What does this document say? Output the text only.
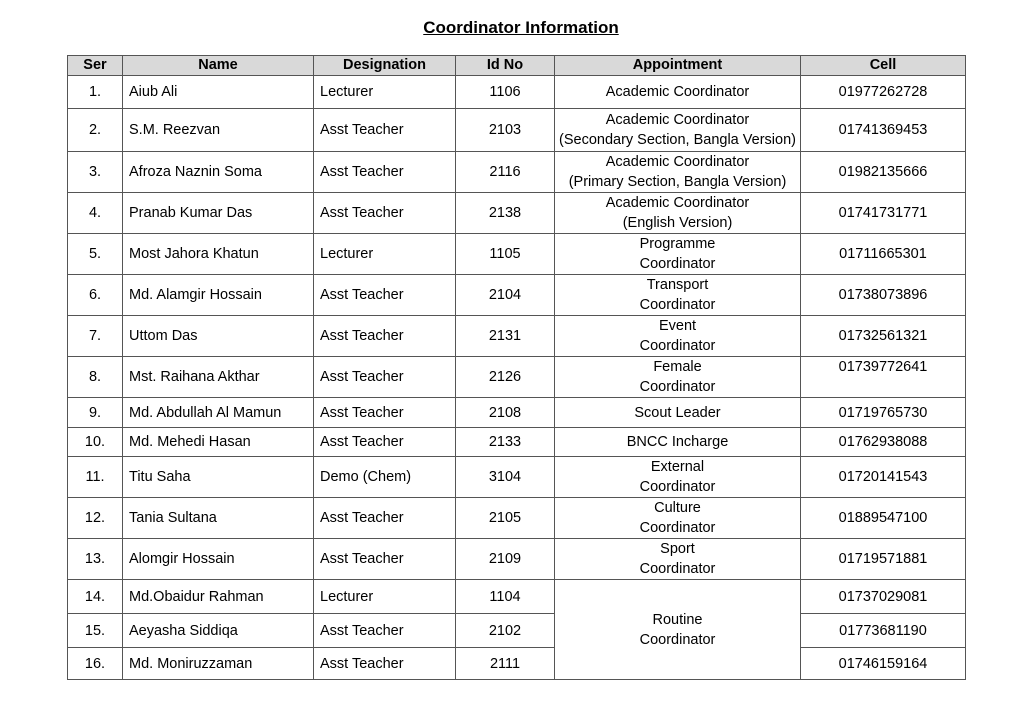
Coordinator Information
Ser	Name	Designation	Id No	Appointment	Cell
1.	Aiub Ali	Lecturer	1106	Academic Coordinator	01977262728
2.	S.M. Reezvan	Asst Teacher	2103	Academic Coordinator
(Secondary Section, Bangla Version)	01741369453
3.	Afroza Naznin Soma	Asst Teacher	2116	Academic Coordinator
(Primary Section, Bangla Version)	01982135666
4.	Pranab Kumar Das	Asst Teacher	2138	Academic Coordinator
(English Version)	01741731771
5.	Most Jahora Khatun	Lecturer	1105	Programme
Coordinator	01711665301
6.	Md. Alamgir Hossain	Asst Teacher	2104	Transport
Coordinator	01738073896
7.	Uttom Das	Asst Teacher	2131	Event
Coordinator	01732561321
8.	Mst. Raihana Akthar	Asst Teacher	2126	Female
Coordinator	01739772641
9.	Md. Abdullah Al Mamun	Asst Teacher	2108	Scout Leader	01719765730
10.	Md. Mehedi Hasan	Asst Teacher	2133	BNCC Incharge	01762938088
11.	Titu Saha	Demo (Chem)	3104	External
Coordinator	01720141543
12.	Tania Sultana	Asst Teacher	2105	Culture
Coordinator	01889547100
13.	Alomgir Hossain	Asst Teacher	2109	Sport
Coordinator	01719571881
14.	Md.Obaidur Rahman	Lecturer	1104	Routine
Coordinator	01737029081
15.	Aeyasha Siddiqa	Asst Teacher	2102		01773681190
16.	Md. Moniruzzaman	Asst Teacher	2111		01746159164
